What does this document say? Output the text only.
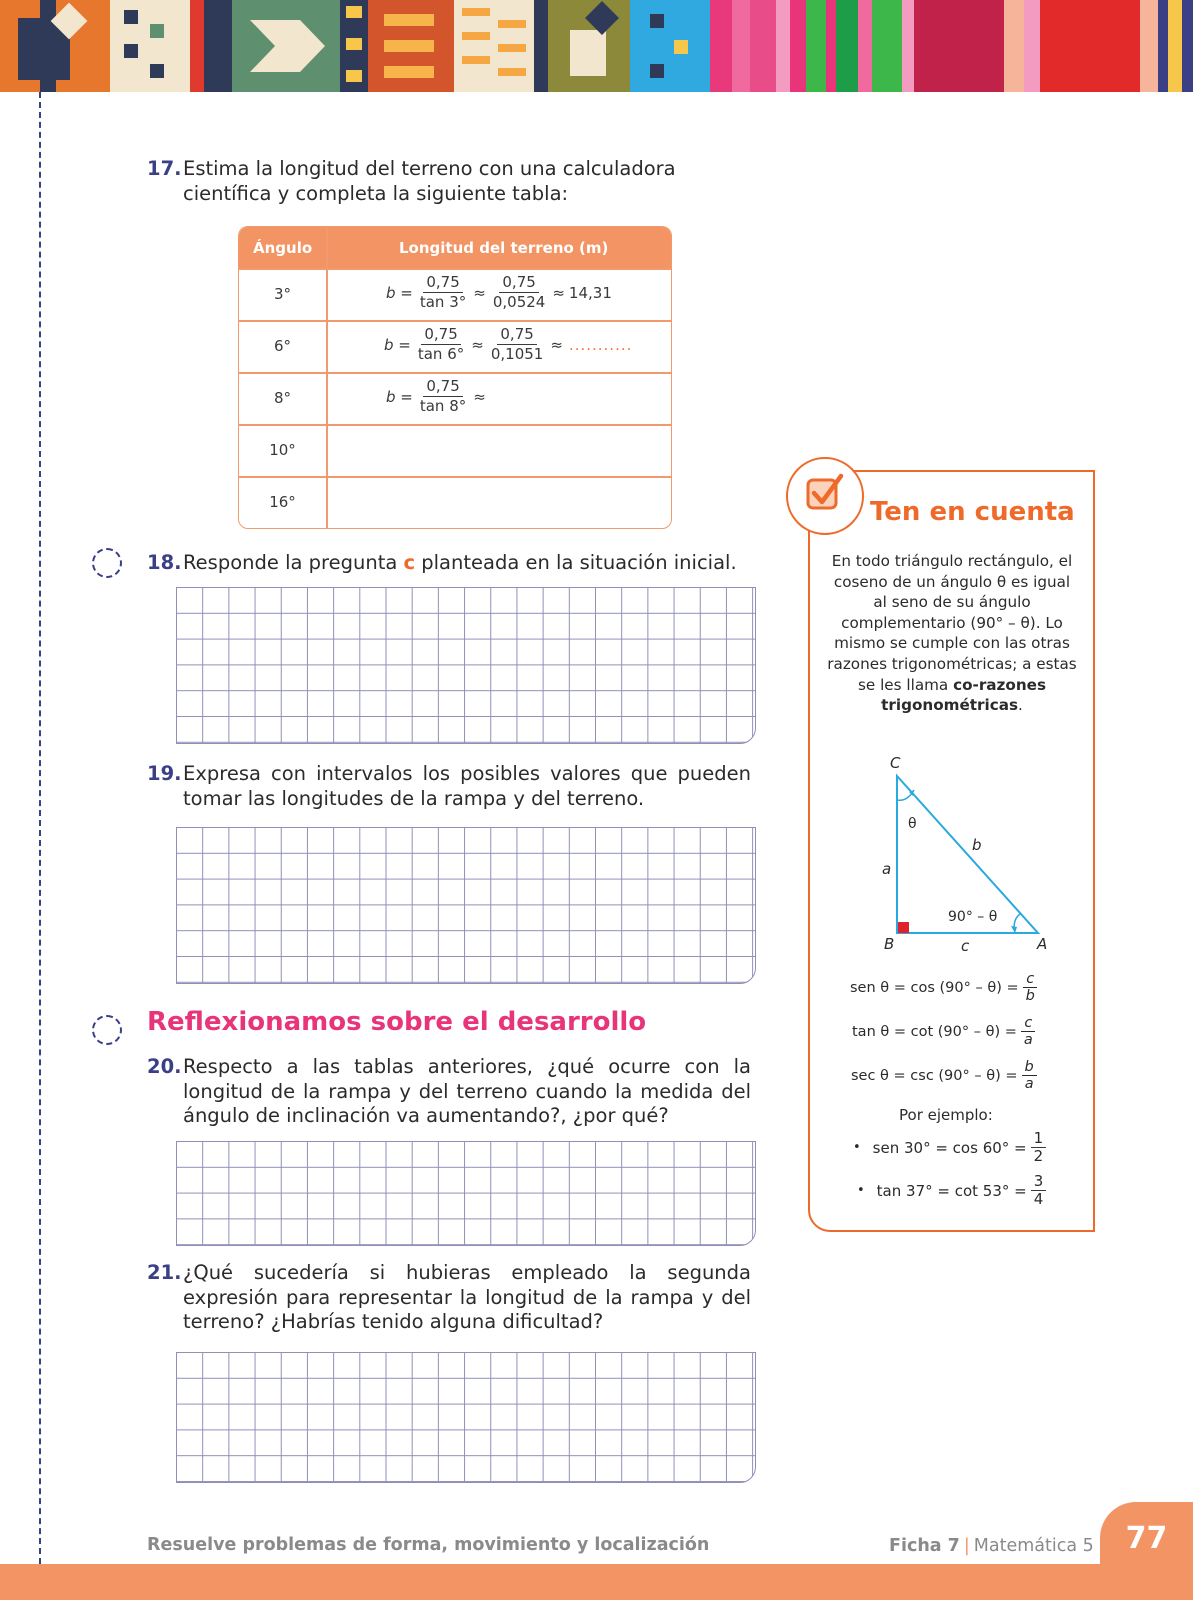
17. Estima la longitud del terreno con una calculadora científica y completa la siguiente tabla:
Ángulo	Longitud del terreno (m)
3°	$b = \frac{0,75}{\tan 3^\circ} \approx \frac{0,75}{0,0524} \approx 14,31$
6°	$b = \frac{0,75}{\tan 6^\circ} \approx \frac{0,75}{0,1051}$ ≈ ...........
8°	$b = \frac{0,75}{\tan 8^\circ}$ ≈
10°
16°
18. Responde la pregunta c planteada en la situación inicial.
19. Expresa con intervalos los posibles valores que pueden tomar las longitudes de la rampa y del terreno.
Reflexionamos sobre el desarrollo
20. Respecto a las tablas anteriores, ¿qué ocurre con la longitud de la rampa y del terreno cuando la medida del ángulo de inclinación va aumentando?, ¿por qué?
21. ¿Qué sucedería si hubieras empleado la segunda expresión para representar la longitud de la rampa y del terreno? ¿Habrías tenido alguna dificultad?
Ten en cuenta
En todo triángulo rectángulo, el coseno de un ángulo θ es igual al seno de su ángulo complementario (90° – θ). Lo mismo se cumple con las otras razones trigonométricas; a estas se les llama co-razones trigonométricas.
C
B	A
a
b
c
θ
90° – θ
sen $\theta = \cos (90^\circ - \theta) = \frac{c}{b}$
$\tan \theta = \cot (90^\circ - \theta) = \frac{c}{a}$
$\sec \theta = \csc (90^\circ - \theta) = \frac{b}{a}$
Por ejemplo:
• sen $30^\circ = \cos 60^\circ = \frac{1}{2}$
• $\tan 37^\circ = \cot 53^\circ = \frac{3}{4}$
Resuelve problemas de forma, movimiento y localización	Ficha 7 | Matemática 5	77
